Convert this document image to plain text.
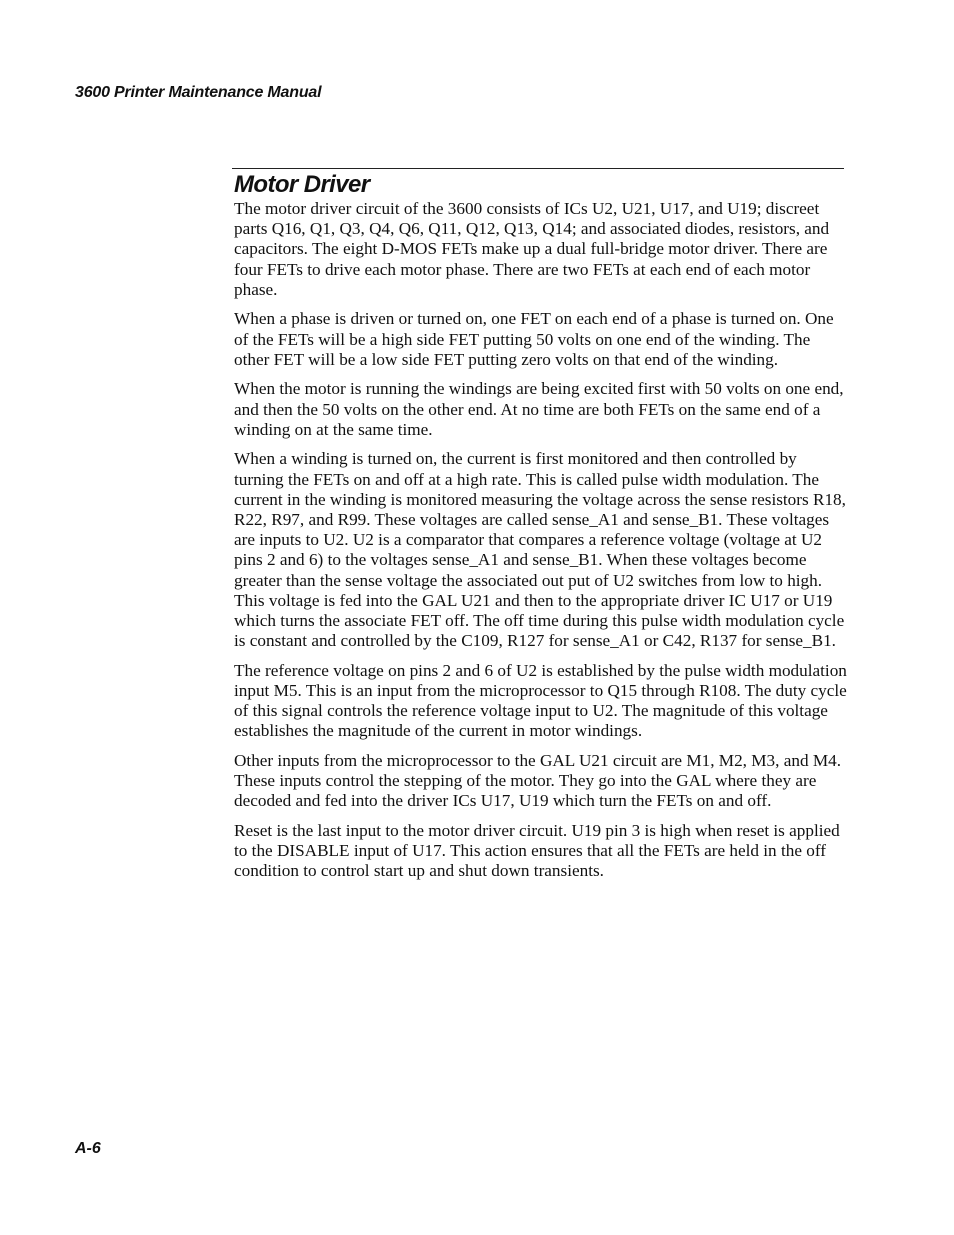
3600 Printer Maintenance Manual
Motor Driver

The motor driver circuit of the 3600 consists of ICs U2, U21, U17, and U19; discreet parts Q16, Q1, Q3, Q4, Q6, Q11, Q12, Q13, Q14; and associated diodes, resistors, and capacitors. The eight D-MOS FETs make up a dual full-bridge motor driver. There are four FETs to drive each motor phase. There are two FETs at each end of each motor phase.

When a phase is driven or turned on, one FET on each end of a phase is turned on. One of the FETs will be a high side FET putting 50 volts on one end of the winding. The other FET will be a low side FET putting zero volts on that end of the winding.

When the motor is running the windings are being excited first with 50 volts on one end, and then the 50 volts on the other end. At no time are both FETs on the same end of a winding on at the same time.

When a winding is turned on, the current is first monitored and then controlled by turning the FETs on and off at a high rate. This is called pulse width modulation. The current in the winding is monitored measuring the voltage across the sense resistors R18, R22, R97, and R99. These voltages are called sense_A1 and sense_B1. These voltages are inputs to U2. U2 is a comparator that compares a reference voltage (voltage at U2 pins 2 and 6) to the voltages sense_A1 and sense_B1. When these voltages become greater than the sense voltage the associated out put of U2 switches from low to high. This voltage is fed into the GAL U21 and then to the appropriate driver IC U17 or U19 which turns the associate FET off. The off time during this pulse width modulation cycle is constant and controlled by the C109, R127 for sense_A1 or C42, R137 for sense_B1.

The reference voltage on pins 2 and 6 of U2 is established by the pulse width modulation input M5. This is an input from the microprocessor to Q15 through R108. The duty cycle of this signal controls the reference voltage input to U2. The magnitude of this voltage establishes the magnitude of the current in motor windings.

Other inputs from the microprocessor to the GAL U21 circuit are M1, M2, M3, and M4. These inputs control the stepping of the motor. They go into the GAL where they are decoded and fed into the driver ICs U17, U19 which turn the FETs on and off.

Reset is the last input to the motor driver circuit. U19 pin 3 is high when reset is applied to the DISABLE input of U17. This action ensures that all the FETs are held in the off condition to control start up and shut down transients.

A-6
